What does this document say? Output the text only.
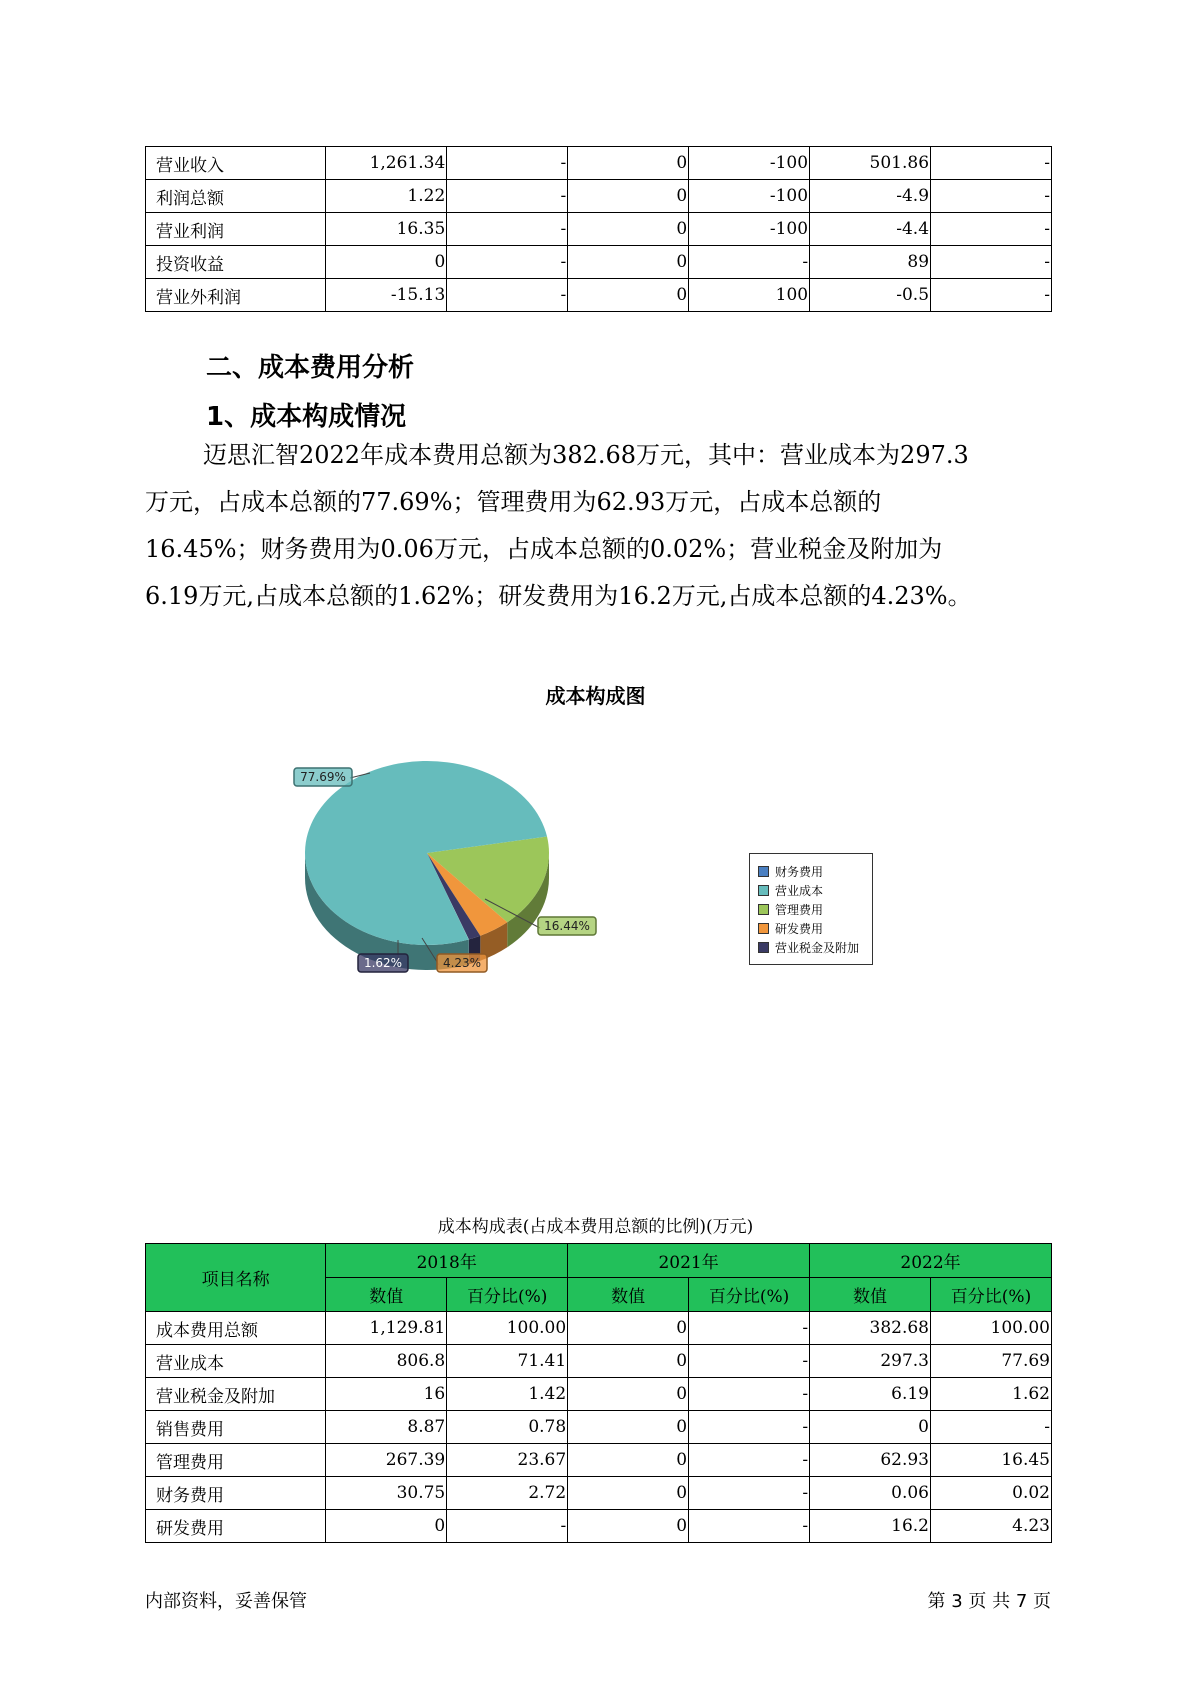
营业收入	1,261.34	-	0	-100	501.86	-
利润总额	1.22	-	0	-100	-4.9	-
营业利润	16.35	-	0	-100	-4.4	-
投资收益	0	-	0	-	89	-
营业外利润	-15.13	-	0	100	-0.5	-
二、成本费用分析
1、成本构成情况

迈思汇智2022年成本费用总额为382.68万元，其中：营业成本为297.3

万元，占成本总额的77.69%；管理费用为62.93万元，占成本总额的

16.45%；财务费用为0.06万元，占成本总额的0.02%；营业税金及附加为

6.19万元,占成本总额的1.62%；研发费用为16.2万元,占成本总额的4.23%。

成本构成图
16.44%
4.23%
1.62%
77.69%
财务费用
营业成本
管理费用
研发费用
营业税金及附加
成本构成表(占成本费用总额的比例)(万元)
项目名称	2018年		2021年		2022年	
	数值	百分比(%)	数值	百分比(%)	数值	百分比(%)
成本费用总额	1,129.81	100.00	0	-	382.68	100.00
营业成本	806.8	71.41	0	-	297.3	77.69
营业税金及附加	16	1.42	0	-	6.19	1.62
销售费用	8.87	0.78	0	-	0	-
管理费用	267.39	23.67	0	-	62.93	16.45
财务费用	30.75	2.72	0	-	0.06	0.02
研发费用	0	-	0	-	16.2	4.23
内部资料，妥善保管	第 3 页 共 7 页
